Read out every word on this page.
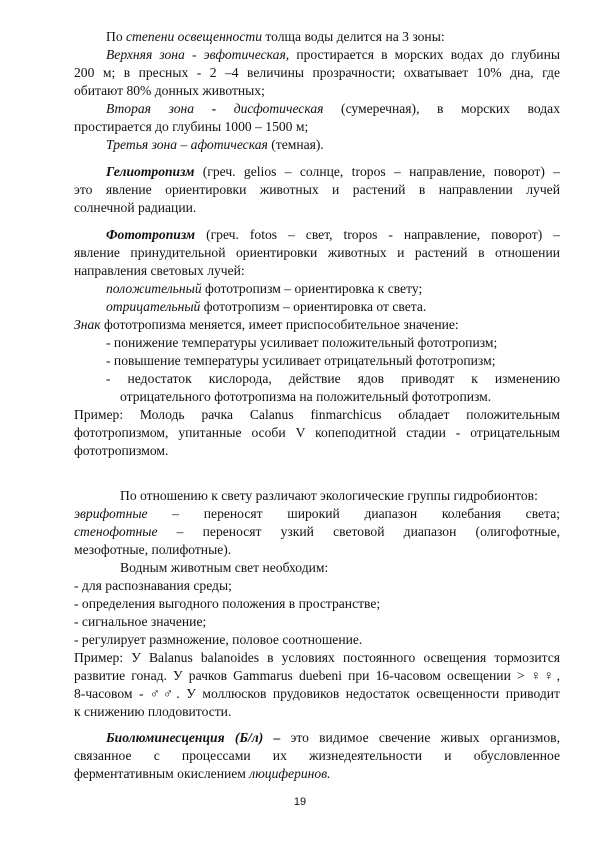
По степени освещенности толща воды делится на 3 зоны:
Верхняя зона - эвфотическая, простирается в морских водах до глубины
200 м; в пресных - 2 –4 величины прозрачности; охватывает 10% дна, где
обитают 80% донных животных;
Вторая зона - дисфотическая (сумеречная), в морских водах
простирается до глубины 1000 – 1500 м;
Третья зона – афотическая (темная).
Гелиотропизм (греч. gelios – солнце, tropos – направление, поворот) –
это явление ориентировки животных и растений в направлении лучей
солнечной радиации.
Фототропизм (греч. fotos – свет, tropos - направление, поворот) –
явление принудительной ориентировки животных и растений в отношении
направления световых лучей:
положительный фототропизм – ориентировка к свету;
отрицательный фототропизм – ориентировка от света.
Знак фототропизма меняется, имеет приспособительное значение:
- понижение температуры усиливает положительный фототропизм;
- повышение температуры усиливает отрицательный фототропизм;
- недостаток кислорода, действие ядов приводят к изменению
отрицательного фототропизма на положительный фототропизм.
Пример: Молодь рачка Calanus finmarchicus обладает положительным
фототропизмом, упитанные особи V копеподитной стадии - отрицательным
фототропизмом.
По отношению к свету различают экологические группы гидробионтов:
эврифотные – переносят широкий диапазон колебания света;
стенофотные – переносят узкий световой диапазон (олигофотные,
мезофотные, полифотные).
Водным животным свет необходим:
- для распознавания среды;
- определения выгодного положения в пространстве;
- сигнальное значение;
- регулирует размножение, половое соотношение.
Пример: У Balanus balanoides в условиях постоянного освещения тормозится
развитие гонад. У рачков Gammarus duebeni при 16-часовом освещении > ♀♀,
8-часовом - ♂♂. У моллюсков прудовиков недостаток освещенности приводит
к снижению плодовитости.
Биолюминесценция (Б/л) – это видимое свечение живых организмов,
связанное с процессами их жизнедеятельности и обусловленное
ферментативным окислением люциферинов.
19
